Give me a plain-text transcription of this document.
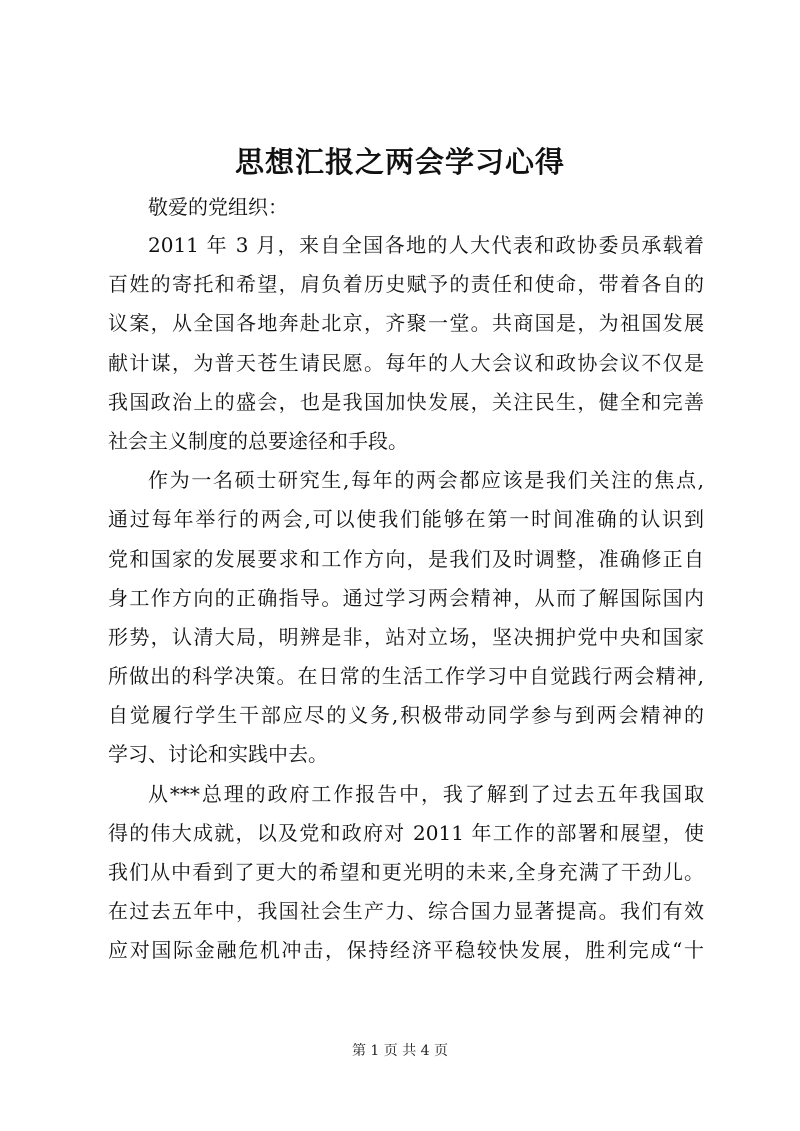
思想汇报之两会学习心得

敬爱的党组织：

2011 年 3 月，来自全国各地的人大代表和政协委员承载着
百姓的寄托和希望，肩负着历史赋予的责任和使命，带着各自的
议案，从全国各地奔赴北京，齐聚一堂。共商国是，为祖国发展
献计谋，为普天苍生请民愿。每年的人大会议和政协会议不仅是
我国政治上的盛会，也是我国加快发展，关注民生，健全和完善
社会主义制度的总要途径和手段。
作为一名硕士研究生,每年的两会都应该是我们关注的焦点,
通过每年举行的两会,可以使我们能够在第一时间准确的认识到
党和国家的发展要求和工作方向，是我们及时调整，准确修正自
身工作方向的正确指导。通过学习两会精神，从而了解国际国内
形势，认清大局，明辨是非，站对立场，坚决拥护党中央和国家
所做出的科学决策。在日常的生活工作学习中自觉践行两会精神,
自觉履行学生干部应尽的义务,积极带动同学参与到两会精神的
学习、讨论和实践中去。
从***总理的政府工作报告中，我了解到了过去五年我国取
得的伟大成就，以及党和政府对 2011 年工作的部署和展望，使
我们从中看到了更大的希望和更光明的未来,全身充满了干劲儿。
在过去五年中，我国社会生产力、综合国力显著提高。我们有效
应对国际金融危机冲击，保持经济平稳较快发展，胜利完成“十
第 1 页 共 4 页
